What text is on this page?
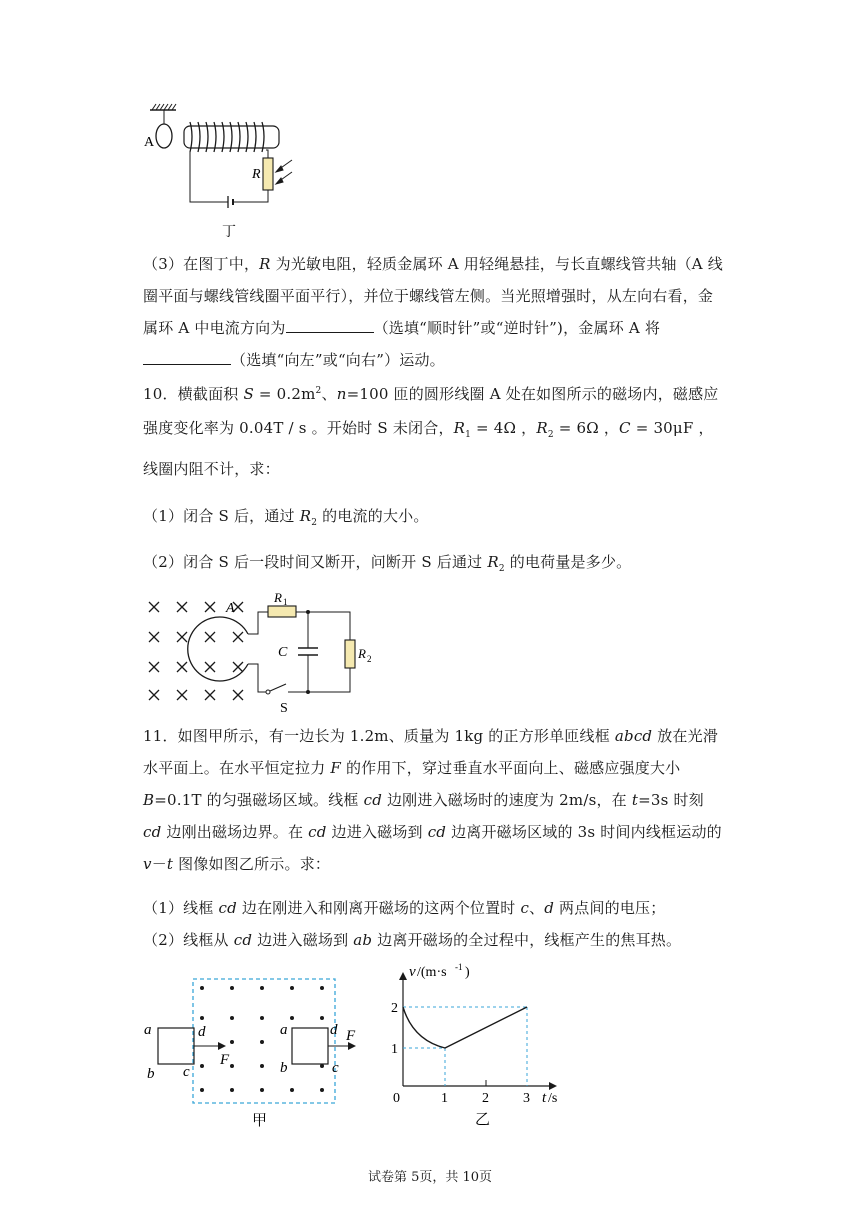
A
R
丁
（3）在图丁中，R 为光敏电阻，轻质金属环 A 用轻绳悬挂，与长直螺线管共轴（A 线圈平面与螺线管线圈平面平行），并位于螺线管左侧。当光照增强时，从左向右看，金属环 A 中电流方向为	（选填“顺时针”或“逆时针”)，金属环 A 将（选填“向左”或“向右”）运动。
10．横截面积 $S = 0.2m^2$、n=100 匝的圆形线圈 A 处在如图所示的磁场内，磁感应强度变化率为 0.04T / s 。开始时 S 未闭合，$R_1 = 4\Omega$ ，$R_2 = 6\Omega$ ，C = 30μF ，线圈内阻不计，求：
（1）闭合 S 后，通过 $R_2$ 的电流的大小。
（2）闭合 S 后一段时间又断开，问断开 S 后通过 $R_2$ 的电荷量是多少。
A
R 1
R 2
C
S
11．如图甲所示，有一边长为 1.2m、质量为 1kg 的正方形单匝线框 abcd 放在光滑水平面上。在水平恒定拉力 F 的作用下，穿过垂直水平面向上、磁感应强度大小 B=0.1T 的匀强磁场区域。线框 cd 边刚进入磁场时的速度为 2m/s，在 t=3s 时刻 cd 边刚出磁场边界。在 cd 边进入磁场到 cd 边离开磁场区域的 3s 时间内线框运动的 v－t 图像如图乙所示。求：
（1）线框 cd 边在刚进入和刚离开磁场的这两个位置时 c、d 两点间的电压；
（2）线框从 cd 边进入磁场到 ab 边离开磁场的全过程中，线框产生的焦耳热。
a
b c
d
F
a
b	c
d F
甲
v /(m·s -1 )
2
1
0	1 2 3 t /s
乙
试卷第 5页，共 10页
